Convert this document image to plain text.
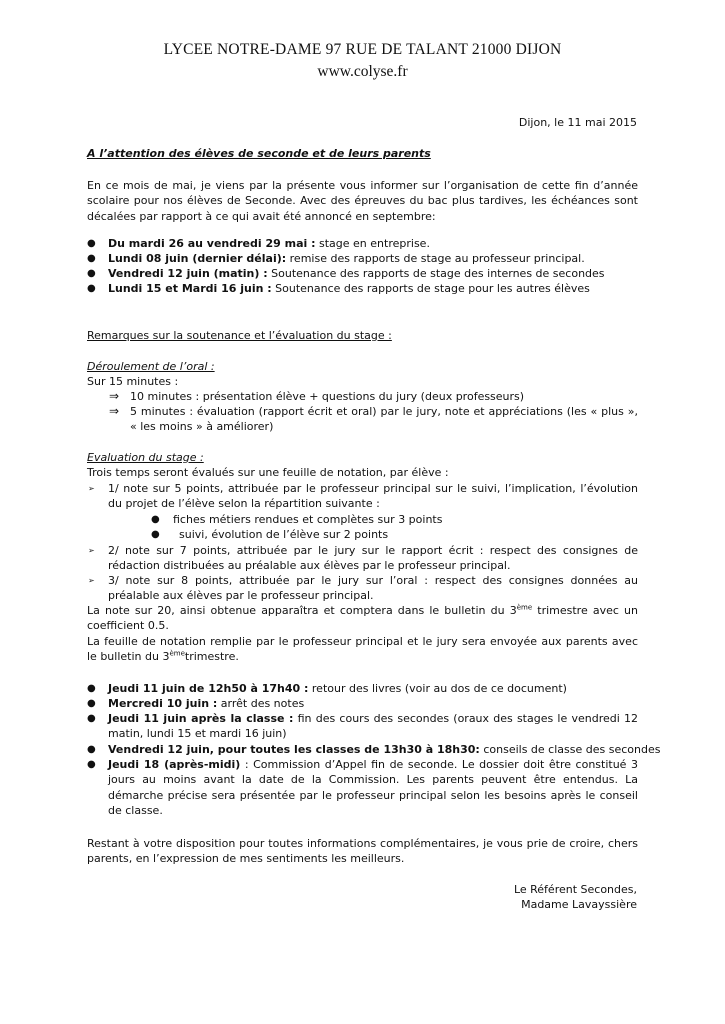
LYCEE NOTRE-DAME 97 RUE DE TALANT 21000 DIJON
www.colyse.fr
Dijon, le 11 mai 2015
A l’attention des élèves de seconde et de leurs parents
En ce mois de mai, je viens par la présente vous informer sur l’organisation de cette fin d’année scolaire pour nos élèves de Seconde. Avec des épreuves du bac plus tardives, les échéances sont décalées par rapport à ce qui avait été annoncé en septembre:
● Du mardi 26 au vendredi 29 mai : stage en entreprise.
● Lundi 08 juin (dernier délai): remise des rapports de stage au professeur principal.
● Vendredi 12 juin (matin) : Soutenance des rapports de stage des internes de secondes
● Lundi 15 et Mardi 16 juin : Soutenance des rapports de stage pour les autres élèves
Remarques sur la soutenance et l’évaluation du stage :
Déroulement de l’oral :
Sur 15 minutes :
⇒ 10 minutes : présentation élève + questions du jury (deux professeurs)
⇒ 5 minutes : évaluation (rapport écrit et oral) par le jury, note et appréciations (les « plus », « les moins » à améliorer)
Evaluation du stage :
Trois temps seront évalués sur une feuille de notation, par élève :
➢ 1/ note sur 5 points, attribuée par le professeur principal sur le suivi, l’implication, l’évolution du projet de l’élève selon la répartition suivante :
● fiches métiers rendues et complètes sur 3 points
● suivi, évolution de l’élève sur 2 points
➢ 2/ note sur 7 points, attribuée par le jury sur le rapport écrit : respect des consignes de rédaction distribuées au préalable aux élèves par le professeur principal.
➢ 3/ note sur 8 points, attribuée par le jury sur l’oral : respect des consignes données au préalable aux élèves par le professeur principal.
La note sur 20, ainsi obtenue apparaîtra et comptera dans le bulletin du 3ème trimestre avec un coefficient 0.5.
La feuille de notation remplie par le professeur principal et le jury sera envoyée aux parents avec le bulletin du 3èmetrimestre.
● Jeudi 11 juin de 12h50 à 17h40 : retour des livres (voir au dos de ce document)
● Mercredi 10 juin : arrêt des notes
● Jeudi 11 juin après la classe : fin des cours des secondes (oraux des stages le vendredi 12 matin, lundi 15 et mardi 16 juin)
● Vendredi 12 juin, pour toutes les classes de 13h30 à 18h30: conseils de classe des secondes
● Jeudi 18 (après-midi) : Commission d’Appel fin de seconde. Le dossier doit être constitué 3 jours au moins avant la date de la Commission. Les parents peuvent être entendus. La démarche précise sera présentée par le professeur principal selon les besoins après le conseil de classe.
Restant à votre disposition pour toutes informations complémentaires, je vous prie de croire, chers parents, en l’expression de mes sentiments les meilleurs.
Le Référent Secondes,
Madame Lavayssière
